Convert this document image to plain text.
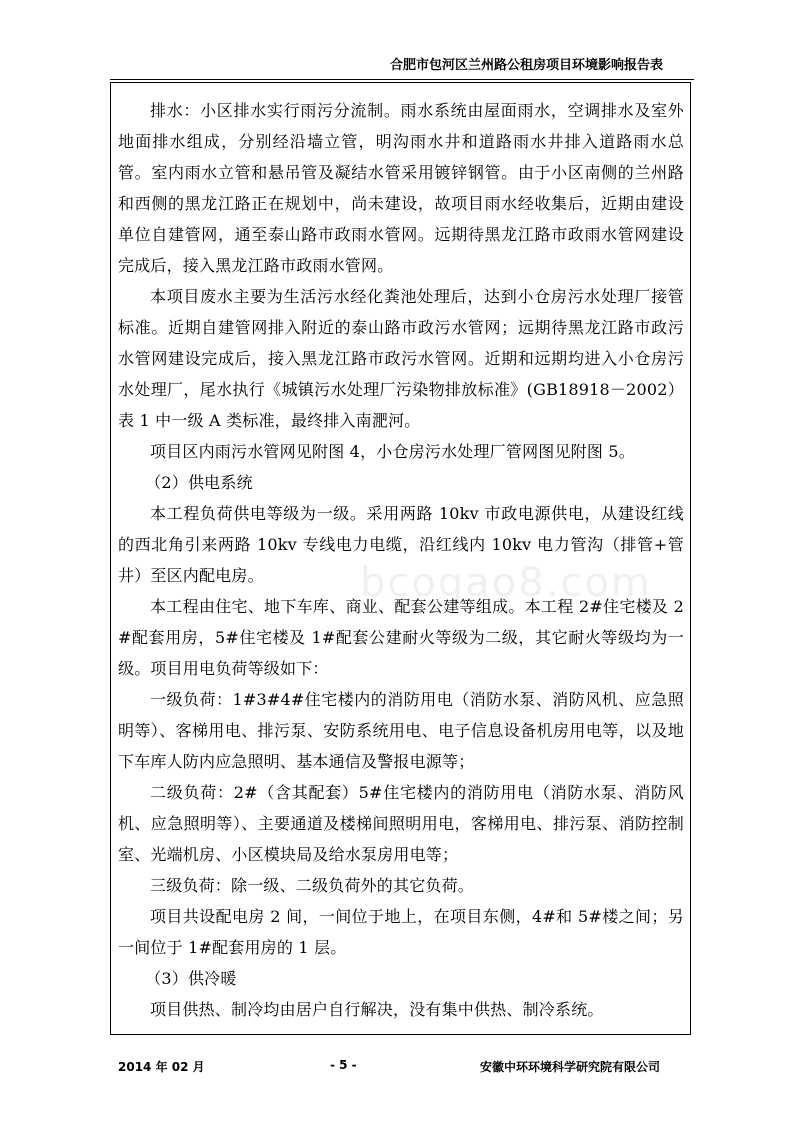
合肥市包河区兰州路公租房项目环境影响报告表
bcogao8.com

排水：小区排水实行雨污分流制。雨水系统由屋面雨水，空调排水及室外地面排水组成，分别经沿墙立管，明沟雨水井和道路雨水井排入道路雨水总管。室内雨水立管和悬吊管及凝结水管采用镀锌钢管。由于小区南侧的兰州路和西侧的黑龙江路正在规划中，尚未建设，故项目雨水经收集后，近期由建设单位自建管网，通至泰山路市政雨水管网。远期待黑龙江路市政雨水管网建设完成后，接入黑龙江路市政雨水管网。

本项目废水主要为生活污水经化粪池处理后，达到小仓房污水处理厂接管标准。近期自建管网排入附近的泰山路市政污水管网；远期待黑龙江路市政污水管网建设完成后，接入黑龙江路市政污水管网。近期和远期均进入小仓房污水处理厂，尾水执行《城镇污水处理厂污染物排放标准》(GB18918－2002）表 1 中一级 A 类标准，最终排入南淝河。

项目区内雨污水管网见附图 4，小仓房污水处理厂管网图见附图 5。

（2）供电系统

本工程负荷供电等级为一级。采用两路 10kv 市政电源供电，从建设红线的西北角引来两路 10kv 专线电力电缆，沿红线内 10kv 电力管沟（排管+管井）至区内配电房。

本工程由住宅、地下车库、商业、配套公建等组成。本工程 2#住宅楼及 2#配套用房，5#住宅楼及 1#配套公建耐火等级为二级，其它耐火等级均为一级。项目用电负荷等级如下：

一级负荷：1#3#4#住宅楼内的消防用电（消防水泵、消防风机、应急照明等）、客梯用电、排污泵、安防系统用电、电子信息设备机房用电等，以及地下车库人防内应急照明、基本通信及警报电源等；

二级负荷：2#（含其配套）5#住宅楼内的消防用电（消防水泵、消防风机、应急照明等）、主要通道及楼梯间照明用电，客梯用电、排污泵、消防控制室、光端机房、小区模块局及给水泵房用电等；

三级负荷：除一级、二级负荷外的其它负荷。

项目共设配电房 2 间，一间位于地上，在项目东侧，4#和 5#楼之间；另一间位于 1#配套用房的 1 层。

（3）供冷暖

项目供热、制冷均由居户自行解决，没有集中供热、制冷系统。

2014 年 02 月	- 5 -	安徽中环环境科学研究院有限公司
